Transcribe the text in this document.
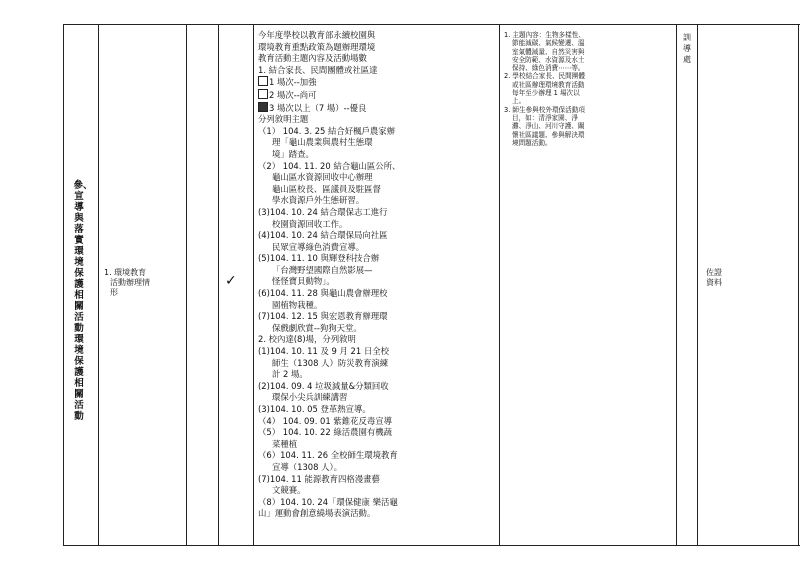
參、宣導與落實環境保護相關活動環境保護相關活動
1. 環境教育
活動辦理情
形
✓
今年度學校以教育部永續校園與
環境教育重點政策為題辦理環境
教育活動主題內容及活動場數
1. 結合家長、民間團體或社區達
1 場次--加強
2 場次--尚可
3 場次以上（7 場）--優良
分列敘明主題
（1） 104. 3. 25 結合好楓戶農家辦
理「龜山農業與農村生態環
境」踏查。
（2） 104. 11. 20 結合龜山區公所、
龜山區水資源回收中心辦理
龜山區校長、區議員及駐區督
學水資源戶外生態研習。
(3)104. 10. 24 結合環保志工進行
校園資源回收工作。
(4)104. 10. 24 結合環保局向社區
民眾宣導綠色消費宣導。
(5)104. 11. 10 與輝登科技合辦
「台灣野望國際自然影展—
怪怪寶貝動物」。
(6)104. 11. 28 與龜山農會辦理校
園植物栽種。
(7)104. 12. 15 與宏恩教育辦理環
保戲劇欣賞--狗狗天堂。
2. 校內達(8)場，分列敘明
(1)104. 10. 11 及 9 月 21 日全校
師生（1308 人）防災教育演練
計 2 場。
(2)104. 09. 4 垃圾減量&分類回收
環保小尖兵訓練講習
(3)104. 10. 05 登革熱宣導。
（4） 104. 09. 01 紫錐花反毒宣導
（5） 104. 10. 22 綠活農園有機蔬
菜種植
（6）104. 11. 26 全校師生環境教育
宣導（1308 人）。
(7)104. 11 能源教育四格漫畫藝
文競賽。
（8）104. 10. 24「環保健康 樂活龜
山」運動會創意繞場表演活動。
1. 主題內容：生物多樣性、
節能減碳、氣候變遷、溫
室氣體減量、自然災害與
安全防範、水資源及水土
保持、綠色消費⋯⋯等。
2. 學校結合家長、民間團體
或社區辦理環境教育活動
每年至少辦理 1 場次以
上。
3. 師生參與校外環保活動項
目，如：清淨家園、淨
灘、淨山、河川守護、關
懷社區議題、參與解決環
境問題活動。
訓
導
處
佐證
資料
